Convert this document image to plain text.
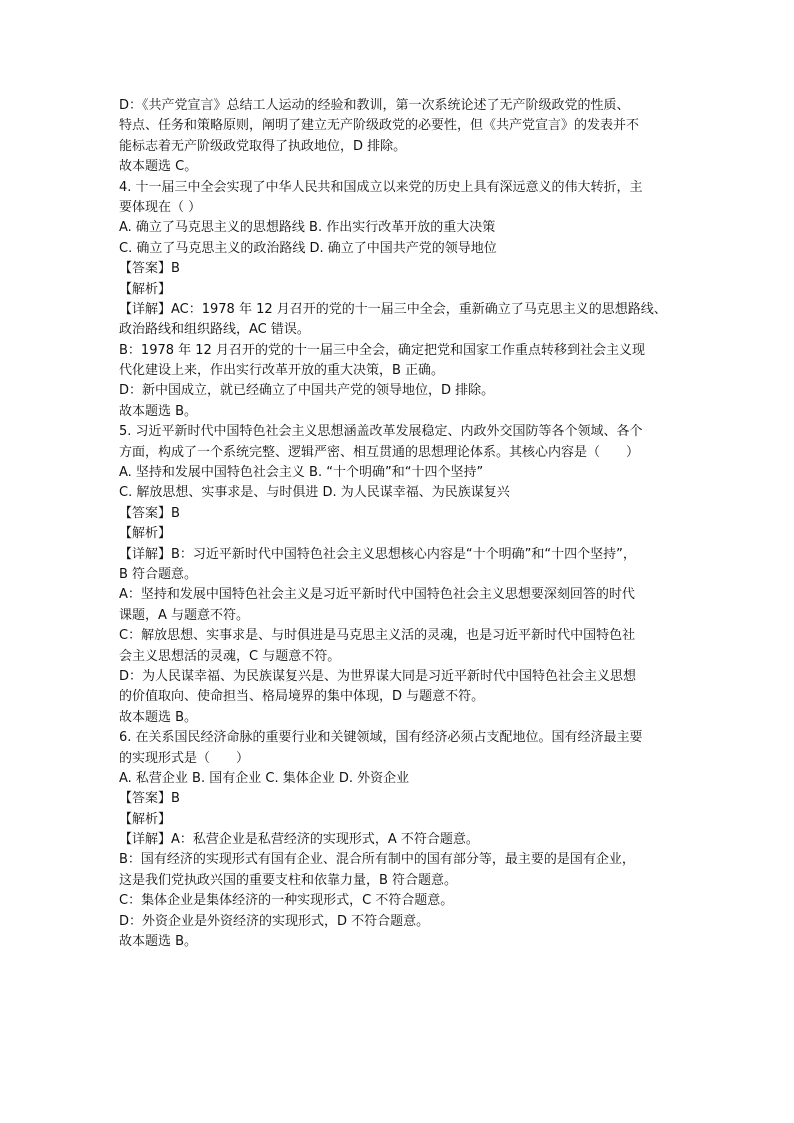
D：《共产党宣言》总结工人运动的经验和教训，第一次系统论述了无产阶级政党的性质、
特点、任务和策略原则，阐明了建立无产阶级政党的必要性，但《共产党宣言》的发表并不
能标志着无产阶级政党取得了执政地位，D 排除。
故本题选 C。
4. 十一届三中全会实现了中华人民共和国成立以来党的历史上具有深远意义的伟大转折，主
要体现在（ ）
A. 确立了马克思主义的思想路线 B. 作出实行改革开放的重大决策
C. 确立了马克思主义的政治路线 D. 确立了中国共产党的领导地位
【答案】B
【解析】
【详解】AC：1978 年 12 月召开的党的十一届三中全会，重新确立了马克思主义的思想路线、
政治路线和组织路线，AC 错误。
B：1978 年 12 月召开的党的十一届三中全会，确定把党和国家工作重点转移到社会主义现
代化建设上来，作出实行改革开放的重大决策，B 正确。
D：新中国成立，就已经确立了中国共产党的领导地位，D 排除。
故本题选 B。
5. 习近平新时代中国特色社会主义思想涵盖改革发展稳定、内政外交国防等各个领域、各个
方面，构成了一个系统完整、逻辑严密、相互贯通的思想理论体系。其核心内容是（　　）
A. 坚持和发展中国特色社会主义 B. “十个明确”和“十四个坚持”
C. 解放思想、实事求是、与时俱进 D. 为人民谋幸福、为民族谋复兴
【答案】B
【解析】
【详解】B：习近平新时代中国特色社会主义思想核心内容是“十个明确”和“十四个坚持”，
B 符合题意。
A：坚持和发展中国特色社会主义是习近平新时代中国特色社会主义思想要深刻回答的时代
课题，A 与题意不符。
C：解放思想、实事求是、与时俱进是马克思主义活的灵魂，也是习近平新时代中国特色社
会主义思想活的灵魂，C 与题意不符。
D：为人民谋幸福、为民族谋复兴是、为世界谋大同是习近平新时代中国特色社会主义思想
的价值取向、使命担当、格局境界的集中体现，D 与题意不符。
故本题选 B。
6. 在关系国民经济命脉的重要行业和关键领域，国有经济必须占支配地位。国有经济最主要
的实现形式是（　　）
A. 私营企业 B. 国有企业 C. 集体企业 D. 外资企业
【答案】B
【解析】
【详解】A：私营企业是私营经济的实现形式，A 不符合题意。
B：国有经济的实现形式有国有企业、混合所有制中的国有部分等，最主要的是国有企业，
这是我们党执政兴国的重要支柱和依靠力量，B 符合题意。
C：集体企业是集体经济的一种实现形式，C 不符合题意。
D：外资企业是外资经济的实现形式，D 不符合题意。
故本题选 B。
